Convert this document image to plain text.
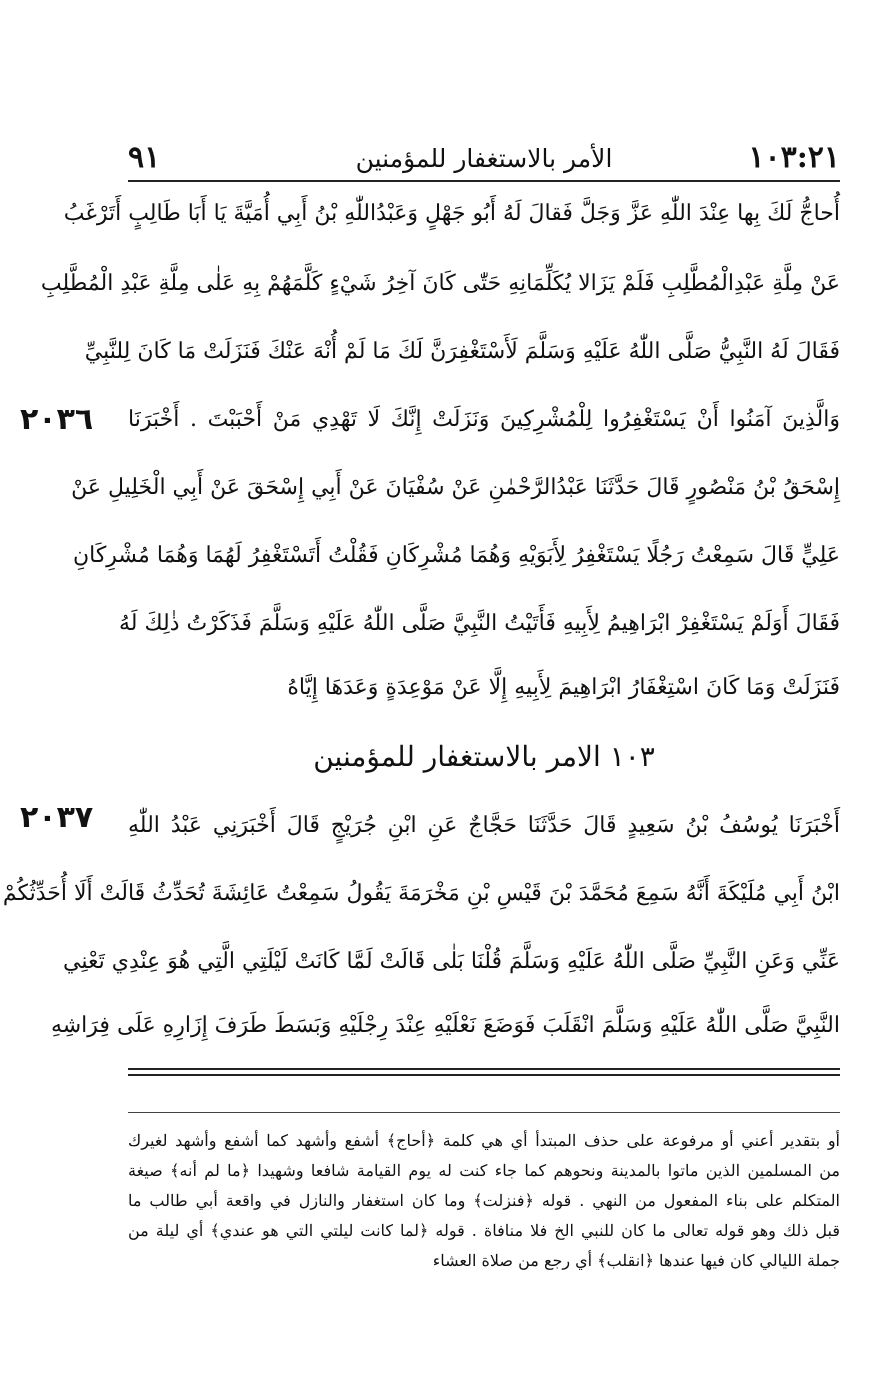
١٠٣:٢١
الأمر بالاستغفار للمؤمنين
٩١
أُحاجُّ لَكَ بِها عِنْدَ اللّٰهِ عَزَّ وَجَلَّ فَقالَ لَهُ أَبُو جَهْلٍ وَعَبْدُاللّٰهِ بْنُ أَبِي أُمَيَّةَ يَا أَبَا طَالِبٍ أَتَرْغَبُ
عَنْ مِلَّةِ عَبْدِالْمُطَّلِبِ فَلَمْ يَزَالا يُكَلِّمَانِهِ حَتّٰى كَانَ آخِرُ شَيْءٍ كَلَّمَهُمْ بِهِ عَلٰى مِلَّةِ عَبْدِ الْمُطَّلِبِ
فَقَالَ لَهُ النَّبِيُّ صَلَّى اللّٰهُ عَلَيْهِ وَسَلَّمَ لَأَسْتَغْفِرَنَّ لَكَ مَا لَمْ أُنْهَ عَنْكَ فَنَزَلَتْ مَا كَانَ لِلنَّبِيِّ
وَالَّذِينَ آمَنُوا أَنْ يَسْتَغْفِرُوا لِلْمُشْرِكِينَ وَنَزَلَتْ إِنَّكَ لَا تَهْدِي مَنْ أَحْبَبْتَ . أَخْبَرَنَا
٢٠٣٦
إِسْحَقُ بْنُ مَنْصُورٍ قَالَ حَدَّثَنَا عَبْدُالرَّحْمٰنِ عَنْ سُفْيَانَ عَنْ أَبِي إِسْحَقَ عَنْ أَبِي الْخَلِيلِ عَنْ
عَلِيٍّ قَالَ سَمِعْتُ رَجُلًا يَسْتَغْفِرُ لِأَبَوَيْهِ وَهُمَا مُشْرِكَانِ فَقُلْتُ أَتَسْتَغْفِرُ لَهُمَا وَهُمَا مُشْرِكَانِ
فَقَالَ أَوَلَمْ يَسْتَغْفِرْ ابْرَاهِيمُ لِأَبِيهِ فَأَتَيْتُ النَّبِيَّ صَلَّى اللّٰهُ عَلَيْهِ وَسَلَّمَ فَذَكَرْتُ ذٰلِكَ لَهُ
فَنَزَلَتْ وَمَا كَانَ اسْتِغْفَارُ ابْرَاهِيمَ لِأَبِيهِ إِلَّا عَنْ مَوْعِدَةٍ وَعَدَهَا إِيَّاهُ
١٠٣ الامر بالاستغفار للمؤمنين
٢٠٣٧	أَخْبَرَنَا يُوسُفُ بْنُ سَعِيدٍ قَالَ حَدَّثَنَا حَجَّاجٌ عَنِ ابْنِ جُرَيْجٍ قَالَ أَخْبَرَنِي عَبْدُ اللّٰهِ
ابْنُ أَبِي مُلَيْكَةَ أَنَّهُ سَمِعَ مُحَمَّدَ بْنَ قَيْسِ بْنِ مَخْرَمَةَ يَقُولُ سَمِعْتُ عَائِشَةَ تُحَدِّثُ قَالَتْ أَلَا أُحَدِّثُكُمْ
عَنِّي وَعَنِ النَّبِيِّ صَلَّى اللّٰهُ عَلَيْهِ وَسَلَّمَ قُلْنَا بَلٰى قَالَتْ لَمَّا كَانَتْ لَيْلَتِي الَّتِي هُوَ عِنْدِي تَعْنِي
النَّبِيَّ صَلَّى اللّٰهُ عَلَيْهِ وَسَلَّمَ انْقَلَبَ فَوَضَعَ نَعْلَيْهِ عِنْدَ رِجْلَيْهِ وَبَسَطَ طَرَفَ إِزَارِهِ عَلَى فِرَاشِهِ
أو بتقدير أعني أو مرفوعة على حذف المبتدأ أي هي كلمة ﴿أحاج﴾ أشفع وأشهد كما أشفع وأشهد لغيرك
من المسلمين الذين ماتوا بالمدينة ونحوهم كما جاء كنت له يوم القيامة شافعا وشهيدا ﴿ما لم أنه﴾ صيغة
المتكلم على بناء المفعول من النهي . قوله ﴿فنزلت﴾ وما كان استغفار والنازل في واقعة أبي طالب ما
قبل ذلك وهو قوله تعالى ما كان للنبي الخ فلا منافاة . قوله ﴿لما كانت ليلتي التي هو عندي﴾ أي ليلة من
جملة الليالي كان فيها عندها ﴿انقلب﴾ أي رجع من صلاة العشاء
